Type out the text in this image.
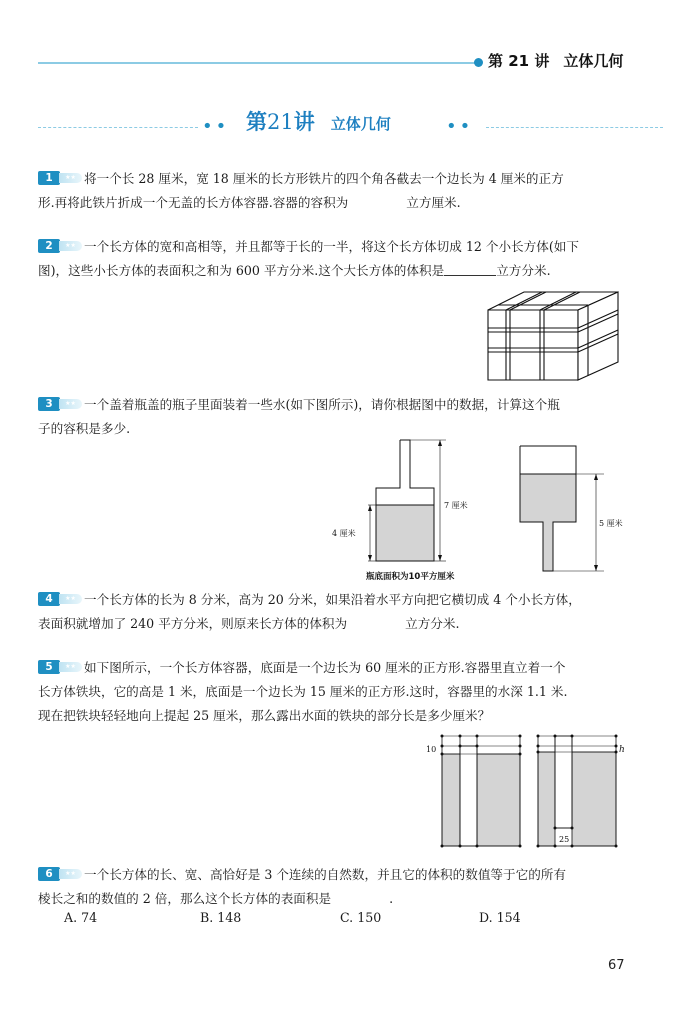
第 21 讲 立体几何
•• 第21讲 立体几何	••
1	★★ 将一个长 28 厘米，宽 18 厘米的长方形铁片的四个角各截去一个边长为 4 厘米的正方
形.再将此铁片折成一个无盖的长方体容器.容器的容积为	立方厘米.
2	★★ 一个长方体的宽和高相等，并且都等于长的一半，将这个长方体切成 12 个小长方体(如下
图)，这些小长方体的表面积之和为 600 平方分米.这个大长方体的体积是	立方分米.
3	★★ 一个盖着瓶盖的瓶子里面装着一些水(如下图所示)，请你根据图中的数据，计算这个瓶
子的容积是多少.
7 厘米
4 厘米
瓶底面积为10平方厘米
5 厘米
4	★★ 一个长方体的长为 8 分米，高为 20 分米，如果沿着水平方向把它横切成 4 个小长方体，
表面积就增加了 240 平方分米，则原来长方体的体积为	立方分米.
5	★★ 如下图所示，一个长方体容器，底面是一个边长为 60 厘米的正方形.容器里直立着一个
长方体铁块，它的高是 1 米，底面是一个边长为 15 厘米的正方形.这时，容器里的水深 1.1 米.
现在把铁块轻轻地向上提起 25 厘米，那么露出水面的铁块的部分长是多少厘米？
10
25
h
6	★★ 一个长方体的长、宽、高恰好是 3 个连续的自然数，并且它的体积的数值等于它的所有
棱长之和的数值的 2 倍，那么这个长方体的表面积是	.
A. 74	B. 148	C. 150	D. 154
67
